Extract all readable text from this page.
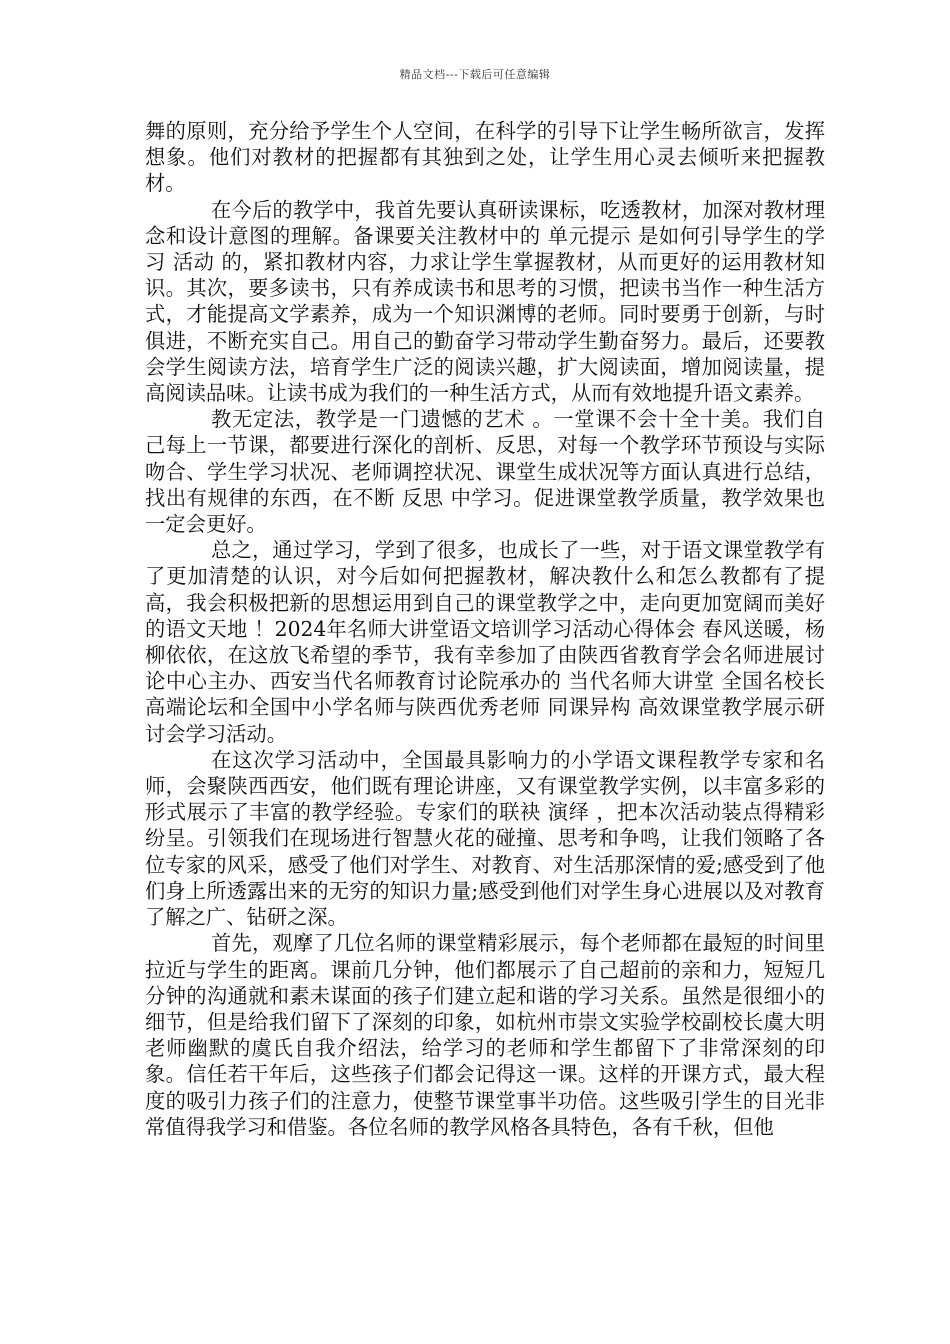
精品文档---下载后可任意编辑

舞的原则，充分给予学生个人空间，在科学的引导下让学生畅所欲言，发挥想象。他们对教材的把握都有其独到之处，让学生用心灵去倾听来把握教材。

在今后的教学中，我首先要认真研读课标，吃透教材，加深对教材理念和设计意图的理解。备课要关注教材中的 单元提示 是如何引导学生的学习 活动 的，紧扣教材内容，力求让学生掌握教材，从而更好的运用教材知识。其次，要多读书，只有养成读书和思考的习惯，把读书当作一种生活方式，才能提高文学素养，成为一个知识渊博的老师。同时要勇于创新，与时俱进，不断充实自己。用自己的勤奋学习带动学生勤奋努力。最后，还要教会学生阅读方法，培育学生广泛的阅读兴趣，扩大阅读面，增加阅读量，提高阅读品味。让读书成为我们的一种生活方式，从而有效地提升语文素养。

教无定法，教学是一门遗憾的艺术 。一堂课不会十全十美。我们自己每上一节课，都要进行深化的剖析、反思，对每一个教学环节预设与实际吻合、学生学习状况、老师调控状况、课堂生成状况等方面认真进行总结，找出有规律的东西，在不断 反思 中学习。促进课堂教学质量，教学效果也一定会更好。

总之，通过学习，学到了很多，也成长了一些，对于语文课堂教学有了更加清楚的认识，对今后如何把握教材，解决教什么和怎么教都有了提高，我会积极把新的思想运用到自己的课堂教学之中，走向更加宽阔而美好的语文天地 ！2024年名师大讲堂语文培训学习活动心得体会 春风送暖，杨柳依依，在这放飞希望的季节，我有幸参加了由陕西省教育学会名师进展讨论中心主办、西安当代名师教育讨论院承办的 当代名师大讲堂 全国名校长高端论坛和全国中小学名师与陕西优秀老师 同课异构 高效课堂教学展示研讨会学习活动。

在这次学习活动中，全国最具影响力的小学语文课程教学专家和名师，会聚陕西西安，他们既有理论讲座，又有课堂教学实例，以丰富多彩的形式展示了丰富的教学经验。专家们的联袂 演绎 ，把本次活动装点得精彩纷呈。引领我们在现场进行智慧火花的碰撞、思考和争鸣，让我们领略了各位专家的风采，感受了他们对学生、对教育、对生活那深情的爱;感受到了他们身上所透露出来的无穷的知识力量;感受到他们对学生身心进展以及对教育了解之广、钻研之深。

首先，观摩了几位名师的课堂精彩展示，每个老师都在最短的时间里拉近与学生的距离。课前几分钟，他们都展示了自己超前的亲和力，短短几分钟的沟通就和素未谋面的孩子们建立起和谐的学习关系。虽然是很细小的细节，但是给我们留下了深刻的印象，如杭州市崇文实验学校副校长虞大明老师幽默的虞氏自我介绍法，给学习的老师和学生都留下了非常深刻的印象。信任若干年后，这些孩子们都会记得这一课。这样的开课方式，最大程度的吸引力孩子们的注意力，使整节课堂事半功倍。这些吸引学生的目光非常值得我学习和借鉴。各位名师的教学风格各具特色，各有千秋，但他
